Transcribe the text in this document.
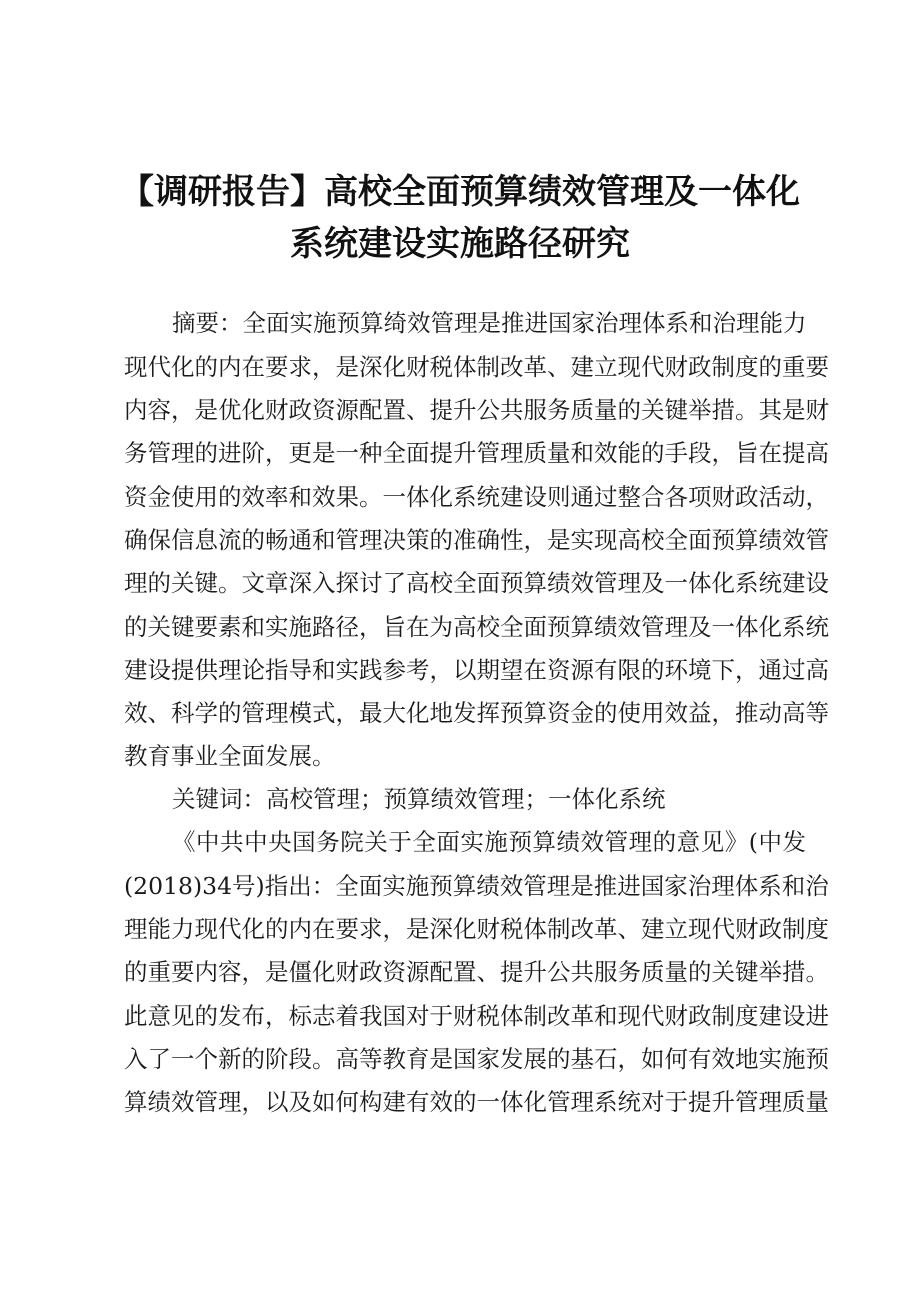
【调研报告】高校全面预算绩效管理及一体化
系统建设实施路径研究
摘要：全面实施预算绮效管理是推进国家治理体系和治理能力
现代化的内在要求，是深化财税体制改革、建立现代财政制度的重要
内容，是优化财政资源配置、提升公共服务质量的关键举措。其是财
务管理的进阶，更是一种全面提升管理质量和效能的手段，旨在提高
资金使用的效率和效果。一体化系统建设则通过整合各项财政活动，
确保信息流的畅通和管理决策的准确性，是实现高校全面预算绩效管
理的关键。文章深入探讨了高校全面预算绩效管理及一体化系统建设
的关键要素和实施路径，旨在为高校全面预算绩效管理及一体化系统
建设提供理论指导和实践参考，以期望在资源有限的环境下，通过高
效、科学的管理模式，最大化地发挥预算资金的使用效益，推动高等
教育事业全面发展。
关键词：高校管理；预算绩效管理；一体化系统
《中共中央国务院关于全面实施预算绩效管理的意见》(中发
(2018)34号)指出：全面实施预算绩效管理是推进国家治理体系和治
理能力现代化的内在要求，是深化财税体制改革、建立现代财政制度
的重要内容，是僵化财政资源配置、提升公共服务质量的关键举措。
此意见的发布，标志着我国对于财税体制改革和现代财政制度建设进
入了一个新的阶段。高等教育是国家发展的基石，如何有效地实施预
算绩效管理，以及如何构建有效的一体化管理系统对于提升管理质量
